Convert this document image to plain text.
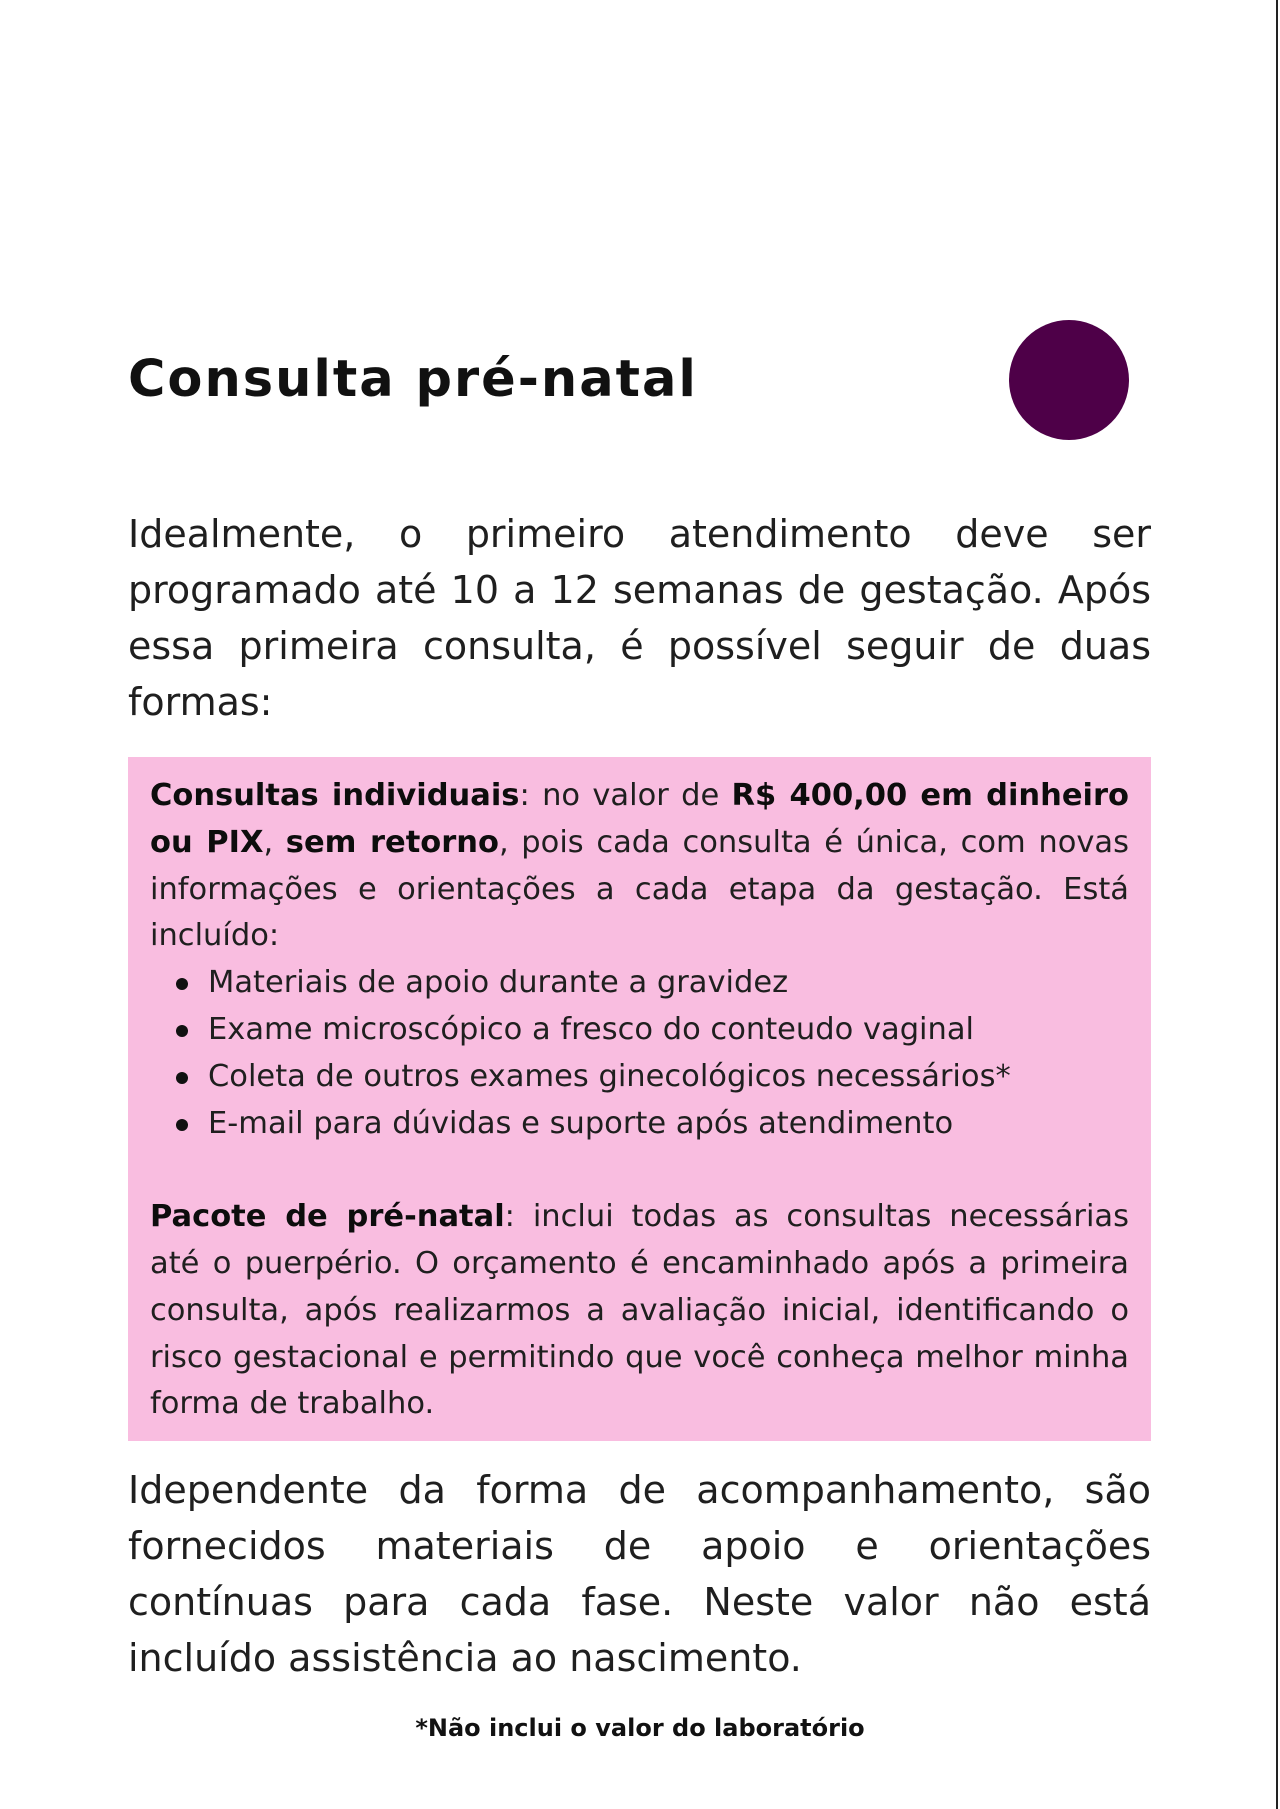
Consulta pré-natal

Idealmente, o primeiro atendimento deve ser programado até 10 a 12 semanas de gestação. Após essa primeira consulta, é possível seguir de duas formas:

Consultas individuais: no valor de R$ 400,00 em dinheiro ou PIX, sem retorno, pois cada consulta é única, com novas informações e orientações a cada etapa da gestação. Está incluído:

Materiais de apoio durante a gravidez
Exame microscópico a fresco do conteudo vaginal
Coleta de outros exames ginecológicos necessários*
E-mail para dúvidas e suporte após atendimento

Pacote de pré-natal: inclui todas as consultas necessárias até o puerpério. O orçamento é encaminhado após a primeira consulta, após realizarmos a avaliação inicial, identificando o risco gestacional e permitindo que você conheça melhor minha forma de trabalho.

Idependente da forma de acompanhamento, são fornecidos materiais de apoio e orientações contínuas para cada fase. Neste valor não está incluído assistência ao nascimento.

*Não inclui o valor do laboratório
